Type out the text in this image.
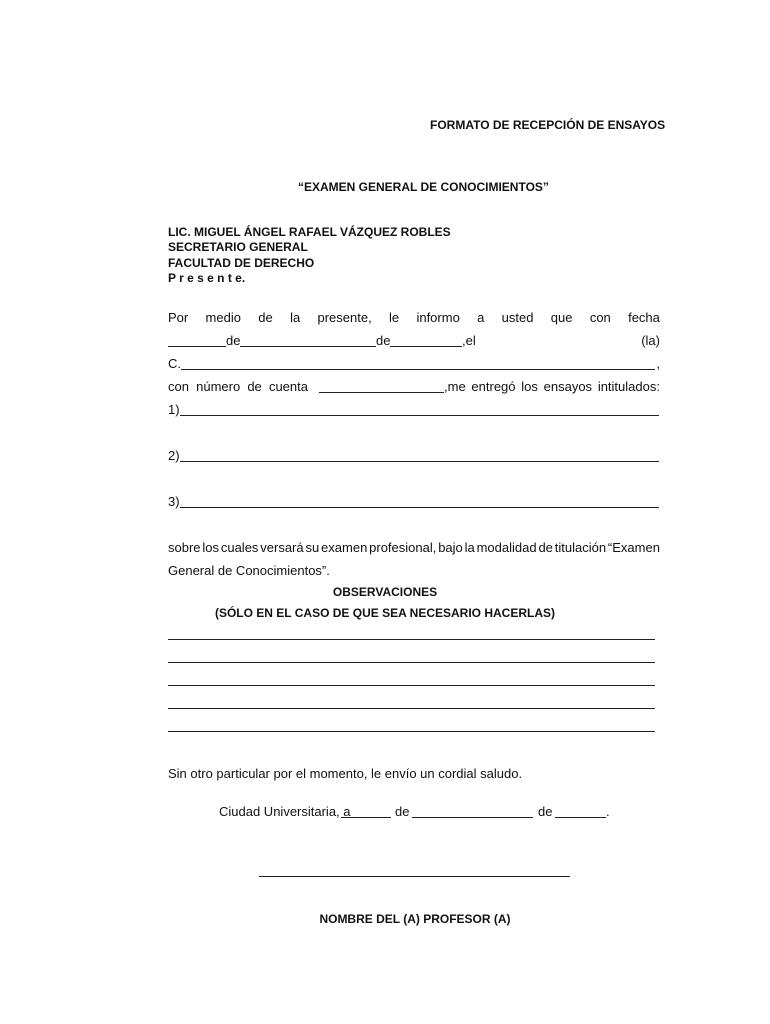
FORMATO DE RECEPCIÓN DE ENSAYOS
“EXAMEN GENERAL DE CONOCIMIENTOS”
LIC. MIGUEL ÁNGEL RAFAEL VÁZQUEZ ROBLES
SECRETARIO GENERAL
FACULTAD DE DERECHO
P r e s e n t e.
Por medio de la presente, le informo a usted que con fecha
de	de	,el	(la)
C.	,
con número de cuenta	,me entregó los ensayos intitulados:
1)
2)
3)
sobre los cuales versará su examen profesional, bajo la modalidad de titulación “Examen
General de Conocimientos”.
OBSERVACIONES
(SÓLO EN EL CASO DE QUE SEA NECESARIO HACERLAS)
Sin otro particular por el momento, le envío un cordial saludo.
Ciudad Universitaria, a	de	de	.
NOMBRE DEL (A) PROFESOR (A)
